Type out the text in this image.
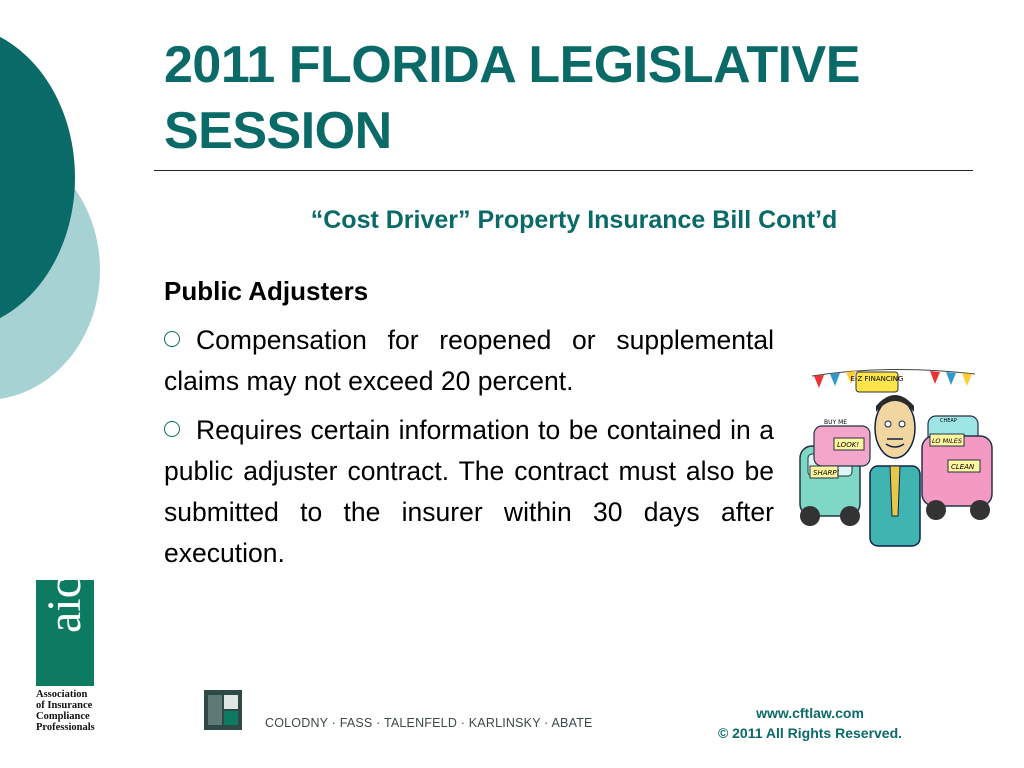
2011 FLORIDA LEGISLATIVE SESSION
“Cost Driver” Property Insurance Bill Cont’d
Public Adjusters
Compensation for reopened or supplemental claims may not exceed 20 percent.
Requires certain information to be contained in a public adjuster contract. The contract must also be submitted to the insurer within 30 days after execution.
E-Z FINANCING
BUY ME
LOOK!
SHARP!
CHEAP
LO MILES
CLEAN
aicp
Association
of Insurance
Compliance
Professionals	COLODNY · FASS · TALENFELD · KARLINSKY · ABATE
www.cftlaw.com
© 2011 All Rights Reserved.
